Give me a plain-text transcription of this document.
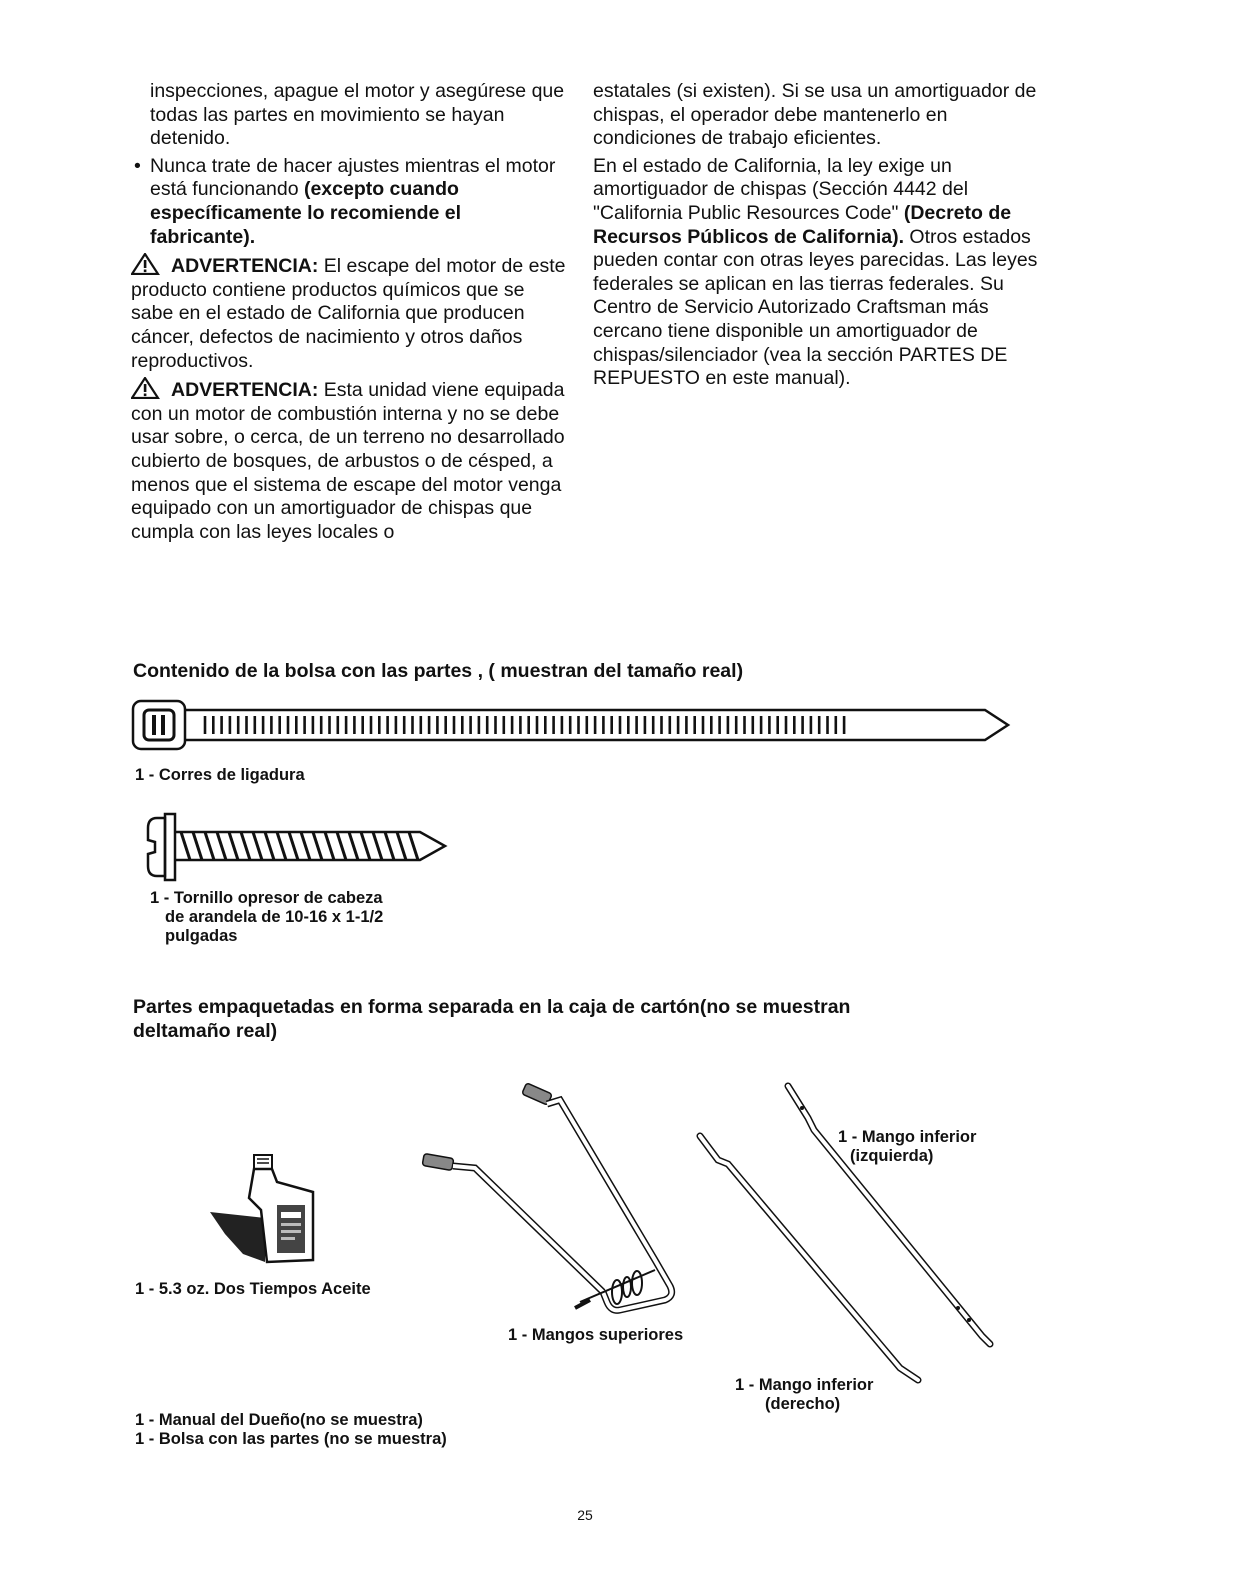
inspecciones, apague el motor y asegúrese que todas las partes en movimiento se hayan detenido.

• Nunca trate de hacer ajustes mientras el motor está funcionando (excepto cuando específicamente lo recomiende el fabricante).

ADVERTENCIA: El escape del motor de este producto contiene productos químicos que se sabe en el estado de California que producen cáncer, defectos de nacimiento y otros daños reproductivos.

ADVERTENCIA: Esta unidad viene equipada con un motor de combustión interna y no se debe usar sobre, o cerca, de un terreno no desarrollado cubierto de bosques, de arbustos o de césped, a menos que el sistema de escape del motor venga equipado con un amortiguador de chispas que cumpla con las leyes locales o

estatales (si existen). Si se usa un amortiguador de chispas, el operador debe mantenerlo en condiciones de trabajo eficientes.

En el estado de California, la ley exige un amortiguador de chispas (Sección 4442 del "California Public Resources Code" (Decreto de Recursos Públicos de California). Otros estados pueden contar con otras leyes parecidas. Las leyes federales se aplican en las tierras federales. Su Centro de Servicio Autorizado Craftsman más cercano tiene disponible un amortiguador de chispas/silenciador (vea la sección PARTES DE REPUESTO en este manual).

Contenido de la bolsa con las partes , ( muestran del tamaño real)
1 - Corres de ligadura
1 - Tornillo opresor de cabeza
de arandela de 10-16 x 1-1/2
pulgadas
Partes empaquetadas en forma separada en la caja de cartón(no se muestran
deltamaño real)
1 - 5.3 oz. Dos Tiempos Aceite
1 - Mangos superiores
1 - Mango inferior
(izquierda)
1 - Mango inferior
(derecho)
1 - Manual del Dueño(no se muestra)
1 - Bolsa con las partes (no se muestra)
25
